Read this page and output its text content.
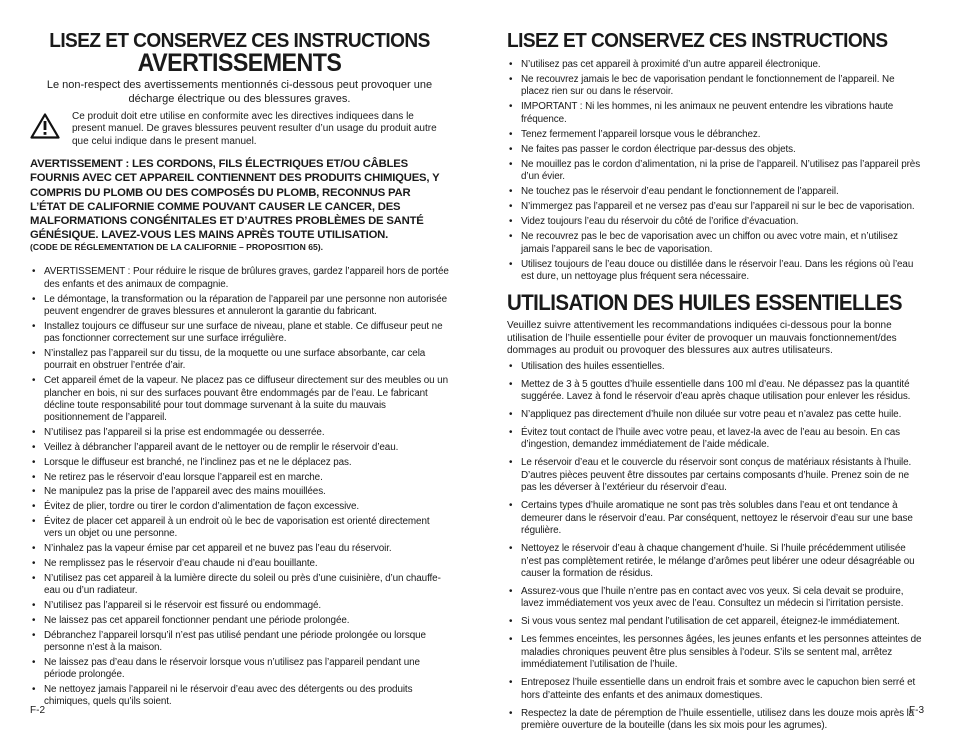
LISEZ ET CONSERVEZ CES INSTRUCTIONS
AVERTISSEMENTS
Le non-respect des avertissements mentionnés ci-dessous peut provoquer une décharge électrique ou des blessures graves.
Ce produit doit etre utilise en conformite avec les directives indiquees dans le present manuel. De graves blessures peuvent resulter d’un usage du produit autre que celui indique dans le present manuel.
AVERTISSEMENT : LES CORDONS, FILS ÉLECTRIQUES ET/OU CÂBLES FOURNIS AVEC CET APPAREIL CONTIENNENT DES PRODUITS CHIMIQUES, Y COMPRIS DU PLOMB OU DES COMPOSÉS DU PLOMB, RECONNUS PAR L’ÉTAT DE CALIFORNIE COMME POUVANT CAUSER LE CANCER, DES MALFORMATIONS CONGÉNITALES ET D’AUTRES PROBLÈMES DE SANTÉ GÉNÉSIQUE. LAVEZ-VOUS LES MAINS APRÈS TOUTE UTILISATION.
(CODE DE RÉGLEMENTATION DE LA CALIFORNIE – PROPOSITION 65).
• AVERTISSEMENT : Pour réduire le risque de brûlures graves, gardez l’appareil hors de portée des enfants et des animaux de compagnie.
• Le démontage, la transformation ou la réparation de l’appareil par une personne non autorisée peuvent engendrer de graves blessures et annuleront la garantie du fabricant.
• Installez toujours ce diffuseur sur une surface de niveau, plane et stable. Ce diffuseur peut ne pas fonctionner correctement sur une surface irrégulière.
• N’installez pas l’appareil sur du tissu, de la moquette ou une surface absorbante, car cela pourrait en obstruer l’entrée d’air.
• Cet appareil émet de la vapeur. Ne placez pas ce diffuseur directement sur des meubles ou un plancher en bois, ni sur des surfaces pouvant être endommagés par de l’eau. Le fabricant décline toute responsabilité pour tout dommage survenant à la suite du mauvais positionnement de l’appareil.
• N’utilisez pas l’appareil si la prise est endommagée ou desserrée.
• Veillez à débrancher l’appareil avant de le nettoyer ou de remplir le réservoir d’eau.
• Lorsque le diffuseur est branché, ne l’inclinez pas et ne le déplacez pas.
• Ne retirez pas le réservoir d’eau lorsque l’appareil est en marche.
• Ne manipulez pas la prise de l’appareil avec des mains mouillées.
• Évitez de plier, tordre ou tirer le cordon d’alimentation de façon excessive.
• Évitez de placer cet appareil à un endroit où le bec de vaporisation est orienté directement vers un objet ou une personne.
• N’inhalez pas la vapeur émise par cet appareil et ne buvez pas l’eau du réservoir.
• Ne remplissez pas le réservoir d’eau chaude ni d’eau bouillante.
• N’utilisez pas cet appareil à la lumière directe du soleil ou près d’une cuisinière, d’un chauffe-eau ou d’un radiateur.
• N’utilisez pas l’appareil si le réservoir est fissuré ou endommagé.
• Ne laissez pas cet appareil fonctionner pendant une période prolongée.
• Débranchez l’appareil lorsqu’il n’est pas utilisé pendant une période prolongée ou lorsque personne n’est à la maison.
• Ne laissez pas d’eau dans le réservoir lorsque vous n’utilisez pas l’appareil pendant une période prolongée.
• Ne nettoyez jamais l’appareil ni le réservoir d’eau avec des détergents ou des produits chimiques, quels qu’ils soient.
F-2
LISEZ ET CONSERVEZ CES INSTRUCTIONS
• N’utilisez pas cet appareil à proximité d’un autre appareil électronique.
• Ne recouvrez jamais le bec de vaporisation pendant le fonctionnement de l’appareil. Ne placez rien sur ou dans le réservoir.
• IMPORTANT : Ni les hommes, ni les animaux ne peuvent entendre les vibrations haute fréquence.
• Tenez fermement l’appareil lorsque vous le débranchez.
• Ne faites pas passer le cordon électrique par-dessus des objets.
• Ne mouillez pas le cordon d’alimentation, ni la prise de l’appareil. N’utilisez pas l’appareil près d’un évier.
• Ne touchez pas le réservoir d’eau pendant le fonctionnement de l’appareil.
• N’immergez pas l’appareil et ne versez pas d’eau sur l’appareil ni sur le bec de vaporisation.
• Videz toujours l’eau du réservoir du côté de l’orifice d’évacuation.
• Ne recouvrez pas le bec de vaporisation avec un chiffon ou avec votre main, et n’utilisez jamais l’appareil sans le bec de vaporisation.
• Utilisez toujours de l’eau douce ou distillée dans le réservoir l’eau. Dans les régions où l’eau est dure, un nettoyage plus fréquent sera nécessaire.
UTILISATION DES HUILES ESSENTIELLES
Veuillez suivre attentivement les recommandations indiquées ci-dessous pour la bonne utilisation de l’huile essentielle pour éviter de provoquer un mauvais fonctionnement/des dommages au produit ou provoquer des blessures aux autres utilisateurs.
• Utilisation des huiles essentielles.
• Mettez de 3 à 5 gouttes d’huile essentielle dans 100 ml d’eau. Ne dépassez pas la quantité suggérée. Lavez à fond le réservoir d’eau après chaque utilisation pour enlever les résidus.
• N’appliquez pas directement d’huile non diluée sur votre peau et n’avalez pas cette huile.
• Évitez tout contact de l’huile avec votre peau, et lavez-la avec de l’eau au besoin. En cas d’ingestion, demandez immédiatement de l’aide médicale.
• Le réservoir d’eau et le couvercle du réservoir sont conçus de matériaux résistants à l’huile. D’autres pièces peuvent être dissoutes par certains composants d’huile. Prenez soin de ne pas les déverser à l’extérieur du réservoir d’eau.
• Certains types d’huile aromatique ne sont pas très solubles dans l’eau et ont tendance à demeurer dans le réservoir d’eau. Par conséquent, nettoyez le réservoir d’eau sur une base régulière.
• Nettoyez le réservoir d’eau à chaque changement d’huile. Si l’huile précédemment utilisée n’est pas complètement retirée, le mélange d’arômes peut libérer une odeur désagréable ou causer la formation de résidus.
• Assurez-vous que l’huile n’entre pas en contact avec vos yeux. Si cela devait se produire, lavez immédiatement vos yeux avec de l’eau. Consultez un médecin si l’irritation persiste.
• Si vous vous sentez mal pendant l’utilisation de cet appareil, éteignez-le immédiatement.
• Les femmes enceintes, les personnes âgées, les jeunes enfants et les personnes atteintes de maladies chroniques peuvent être plus sensibles à l’odeur. S’ils se sentent mal, arrêtez immédiatement l’utilisation de l’huile.
• Entreposez l’huile essentielle dans un endroit frais et sombre avec le capuchon bien serré et hors d’atteinte des enfants et des animaux domestiques.
• Respectez la date de péremption de l’huile essentielle, utilisez dans les douze mois après la première ouverture de la bouteille (dans les six mois pour les agrumes).
F-3
